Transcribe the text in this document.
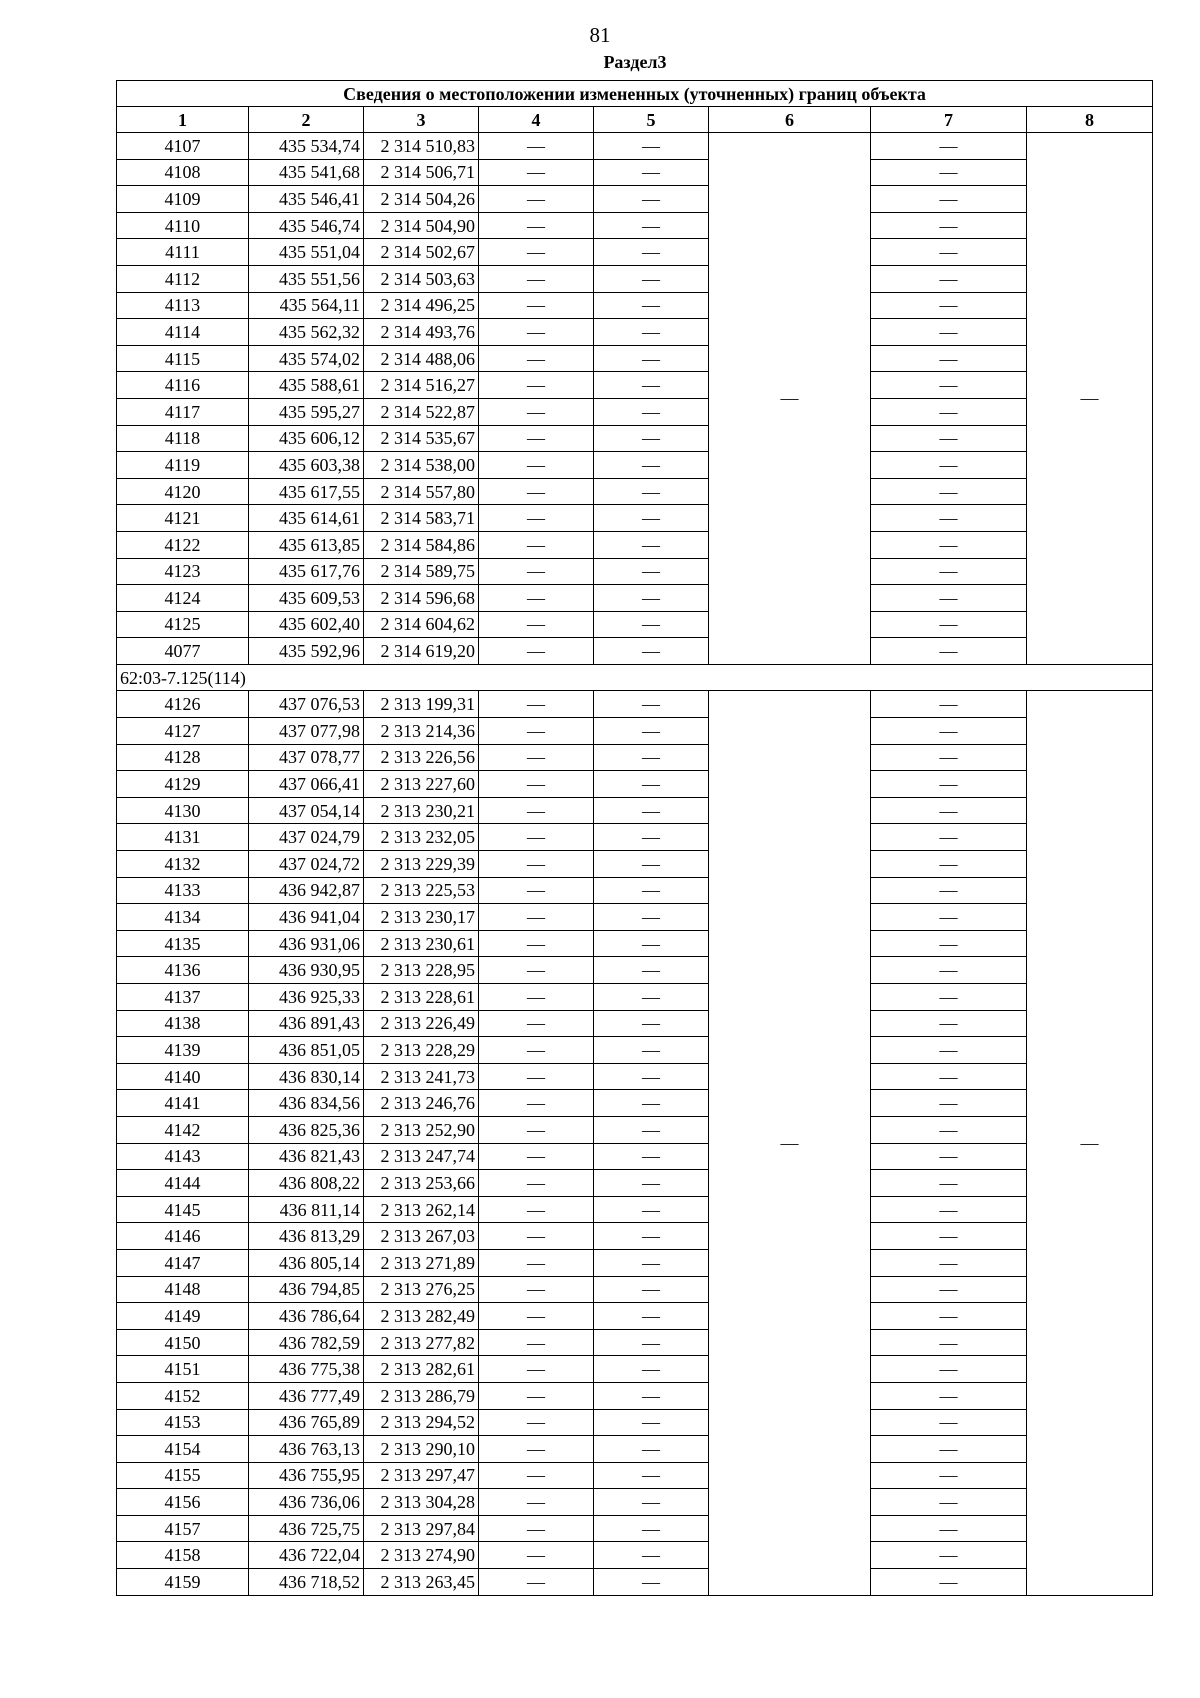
81
Раздел3
Сведения о местоположении измененных (уточненных) границ объекта							
1	2	3	4	5	6	7	8
4107	435 534,74	2 314 510,83	—	—	—	—	—
4108	435 541,68	2 314 506,71	—	—		—	
4109	435 546,41	2 314 504,26	—	—		—	
4110	435 546,74	2 314 504,90	—	—		—	
4111	435 551,04	2 314 502,67	—	—		—	
4112	435 551,56	2 314 503,63	—	—		—	
4113	435 564,11	2 314 496,25	—	—		—	
4114	435 562,32	2 314 493,76	—	—		—	
4115	435 574,02	2 314 488,06	—	—		—	
4116	435 588,61	2 314 516,27	—	—		—	
4117	435 595,27	2 314 522,87	—	—		—	
4118	435 606,12	2 314 535,67	—	—		—	
4119	435 603,38	2 314 538,00	—	—		—	
4120	435 617,55	2 314 557,80	—	—		—	
4121	435 614,61	2 314 583,71	—	—		—	
4122	435 613,85	2 314 584,86	—	—		—	
4123	435 617,76	2 314 589,75	—	—		—	
4124	435 609,53	2 314 596,68	—	—		—	
4125	435 602,40	2 314 604,62	—	—		—	
4077	435 592,96	2 314 619,20	—	—		—	
62:03-7.125(114)							
4126	437 076,53	2 313 199,31	—	—	—	—	—
4127	437 077,98	2 313 214,36	—	—		—	
4128	437 078,77	2 313 226,56	—	—		—	
4129	437 066,41	2 313 227,60	—	—		—	
4130	437 054,14	2 313 230,21	—	—		—	
4131	437 024,79	2 313 232,05	—	—		—	
4132	437 024,72	2 313 229,39	—	—		—	
4133	436 942,87	2 313 225,53	—	—		—	
4134	436 941,04	2 313 230,17	—	—		—	
4135	436 931,06	2 313 230,61	—	—		—	
4136	436 930,95	2 313 228,95	—	—		—	
4137	436 925,33	2 313 228,61	—	—		—	
4138	436 891,43	2 313 226,49	—	—		—	
4139	436 851,05	2 313 228,29	—	—		—	
4140	436 830,14	2 313 241,73	—	—		—	
4141	436 834,56	2 313 246,76	—	—		—	
4142	436 825,36	2 313 252,90	—	—		—	
4143	436 821,43	2 313 247,74	—	—		—	
4144	436 808,22	2 313 253,66	—	—		—	
4145	436 811,14	2 313 262,14	—	—		—	
4146	436 813,29	2 313 267,03	—	—		—	
4147	436 805,14	2 313 271,89	—	—		—	
4148	436 794,85	2 313 276,25	—	—		—	
4149	436 786,64	2 313 282,49	—	—		—	
4150	436 782,59	2 313 277,82	—	—		—	
4151	436 775,38	2 313 282,61	—	—		—	
4152	436 777,49	2 313 286,79	—	—		—	
4153	436 765,89	2 313 294,52	—	—		—	
4154	436 763,13	2 313 290,10	—	—		—	
4155	436 755,95	2 313 297,47	—	—		—	
4156	436 736,06	2 313 304,28	—	—		—	
4157	436 725,75	2 313 297,84	—	—		—	
4158	436 722,04	2 313 274,90	—	—		—	
4159	436 718,52	2 313 263,45	—	—		—	
